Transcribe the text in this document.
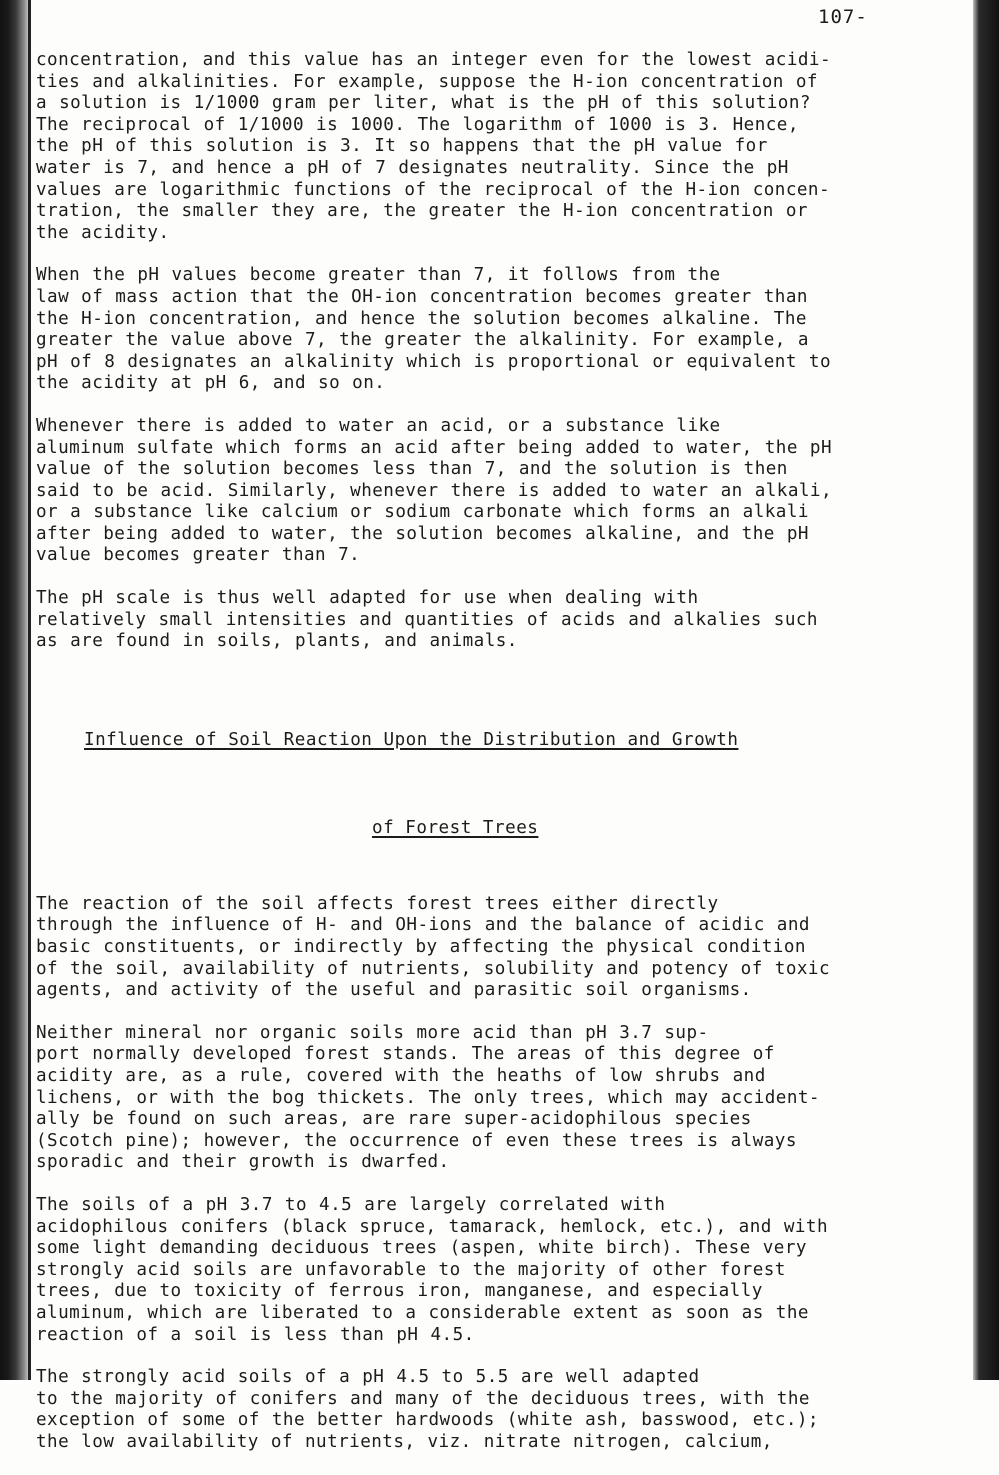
107-

concentration, and this value has an integer even for the lowest acidi-
ties and alkalinities. For example, suppose the H-ion concentration of
a solution is 1/1000 gram per liter, what is the pH of this solution?
The reciprocal of 1/1000 is 1000. The logarithm of 1000 is 3. Hence,
the pH of this solution is 3. It so happens that the pH value for
water is 7, and hence a pH of 7 designates neutrality. Since the pH
values are logarithmic functions of the reciprocal of the H-ion concen-
tration, the smaller they are, the greater the H-ion concentration or
the acidity.

When the pH values become greater than 7, it follows from the
law of mass action that the OH-ion concentration becomes greater than
the H-ion concentration, and hence the solution becomes alkaline. The
greater the value above 7, the greater the alkalinity. For example, a
pH of 8 designates an alkalinity which is proportional or equivalent to
the acidity at pH 6, and so on.

Whenever there is added to water an acid, or a substance like
aluminum sulfate which forms an acid after being added to water, the pH
value of the solution becomes less than 7, and the solution is then
said to be acid. Similarly, whenever there is added to water an alkali,
or a substance like calcium or sodium carbonate which forms an alkali
after being added to water, the solution becomes alkaline, and the pH
value becomes greater than 7.

The pH scale is thus well adapted for use when dealing with
relatively small intensities and quantities of acids and alkalies such
as are found in soils, plants, and animals.

Influence of Soil Reaction Upon the Distribution and Growth

of Forest Trees

The reaction of the soil affects forest trees either directly
through the influence of H- and OH-ions and the balance of acidic and
basic constituents, or indirectly by affecting the physical condition
of the soil, availability of nutrients, solubility and potency of toxic
agents, and activity of the useful and parasitic soil organisms.

Neither mineral nor organic soils more acid than pH 3.7 sup-
port normally developed forest stands. The areas of this degree of
acidity are, as a rule, covered with the heaths of low shrubs and
lichens, or with the bog thickets. The only trees, which may accident-
ally be found on such areas, are rare super-acidophilous species
(Scotch pine); however, the occurrence of even these trees is always
sporadic and their growth is dwarfed.

The soils of a pH 3.7 to 4.5 are largely correlated with
acidophilous conifers (black spruce, tamarack, hemlock, etc.), and with
some light demanding deciduous trees (aspen, white birch). These very
strongly acid soils are unfavorable to the majority of other forest
trees, due to toxicity of ferrous iron, manganese, and especially
aluminum, which are liberated to a considerable extent as soon as the
reaction of a soil is less than pH 4.5.

The strongly acid soils of a pH 4.5 to 5.5 are well adapted
to the majority of conifers and many of the deciduous trees, with the
exception of some of the better hardwoods (white ash, basswood, etc.);
the low availability of nutrients, viz. nitrate nitrogen, calcium,
